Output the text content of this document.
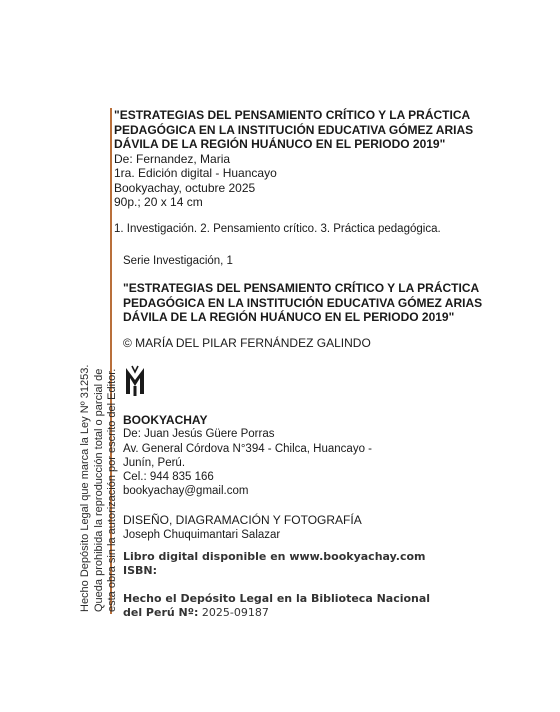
Hecho Depósito Legal que marca la Ley Nº 31253. Queda prohibida la reproducción total o parcial de esta obra sin la autorización por escrito del Editor.
"ESTRATEGIAS DEL PENSAMIENTO CRÍTICO Y LA PRÁCTICA
PEDAGÓGICA EN LA INSTITUCIÓN EDUCATIVA GÓMEZ ARIAS
DÁVILA DE LA REGIÓN HUÁNUCO EN EL PERIODO 2019"
De: Fernandez, Maria
1ra. Edición digital - Huancayo
Bookyachay, octubre 2025
90p.; 20 x 14 cm
1. Investigación. 2. Pensamiento crítico. 3. Práctica pedagógica.
Serie Investigación, 1
"ESTRATEGIAS DEL PENSAMIENTO CRÍTICO Y LA PRÁCTICA
PEDAGÓGICA EN LA INSTITUCIÓN EDUCATIVA GÓMEZ ARIAS
DÁVILA DE LA REGIÓN HUÁNUCO EN EL PERIODO 2019"
© MARÍA DEL PILAR FERNÁNDEZ GALINDO
BOOKYACHAY
De: Juan Jesús Güere Porras
Av. General Córdova N°394 - Chilca, Huancayo -
Junín, Perú.
Cel.: 944 835 166
bookyachay@gmail.com
DISEÑO, DIAGRAMACIÓN Y FOTOGRAFÍA
Joseph Chuquimantari Salazar
Libro digital disponible en www.bookyachay.com
ISBN:
Hecho el Depósito Legal en la Biblioteca Nacional
del Perú Nº: 2025-09187
